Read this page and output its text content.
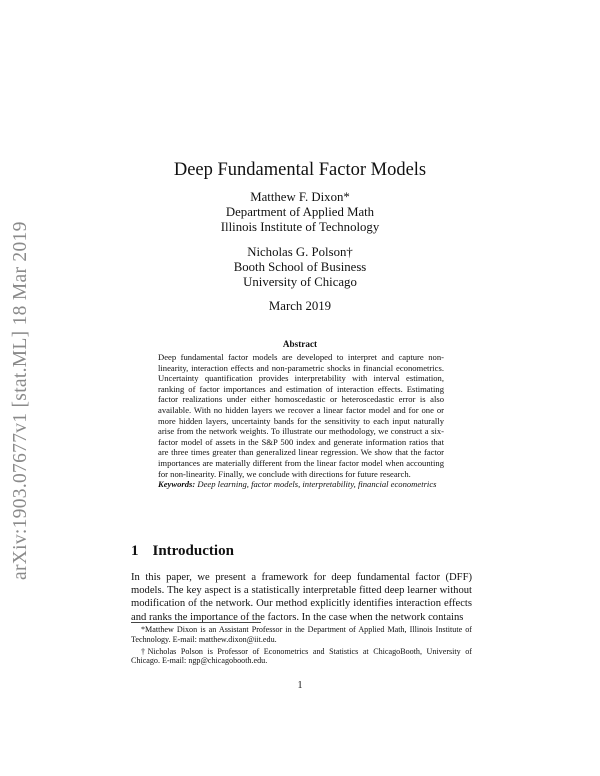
arXiv:1903.07677v1 [stat.ML] 18 Mar 2019
Deep Fundamental Factor Models
Matthew F. Dixon*
Department of Applied Math
Illinois Institute of Technology
Nicholas G. Polson†
Booth School of Business
University of Chicago
March 2019
Abstract

Deep fundamental factor models are developed to interpret and capture non-linearity, interaction effects and non-parametric shocks in financial econometrics. Uncertainty quantification provides interpretability with interval estimation, ranking of factor importances and estimation of interaction effects. Estimating factor realizations under either homoscedastic or heteroscedastic error is also available. With no hidden layers we recover a linear factor model and for one or more hidden layers, uncertainty bands for the sensitivity to each input naturally arise from the network weights. To illustrate our methodology, we construct a six-factor model of assets in the S&P 500 index and generate information ratios that are three times greater than generalized linear regression. We show that the factor importances are materially different from the linear factor model when accounting for non-linearity. Finally, we conclude with directions for future research.

Keywords: Deep learning, factor models, interpretability, financial econometrics

1 Introduction
In this paper, we present a framework for deep fundamental factor (DFF) models. The key aspect is a statistically interpretable fitted deep learner without modification of the network. Our method explicitly identifies interaction effects and ranks the importance of the factors. In the case when the network contains

*Matthew Dixon is an Assistant Professor in the Department of Applied Math, Illinois Institute of Technology. E-mail: matthew.dixon@iit.edu.

†Nicholas Polson is Professor of Econometrics and Statistics at ChicagoBooth, University of Chicago. E-mail: ngp@chicagobooth.edu.

1
